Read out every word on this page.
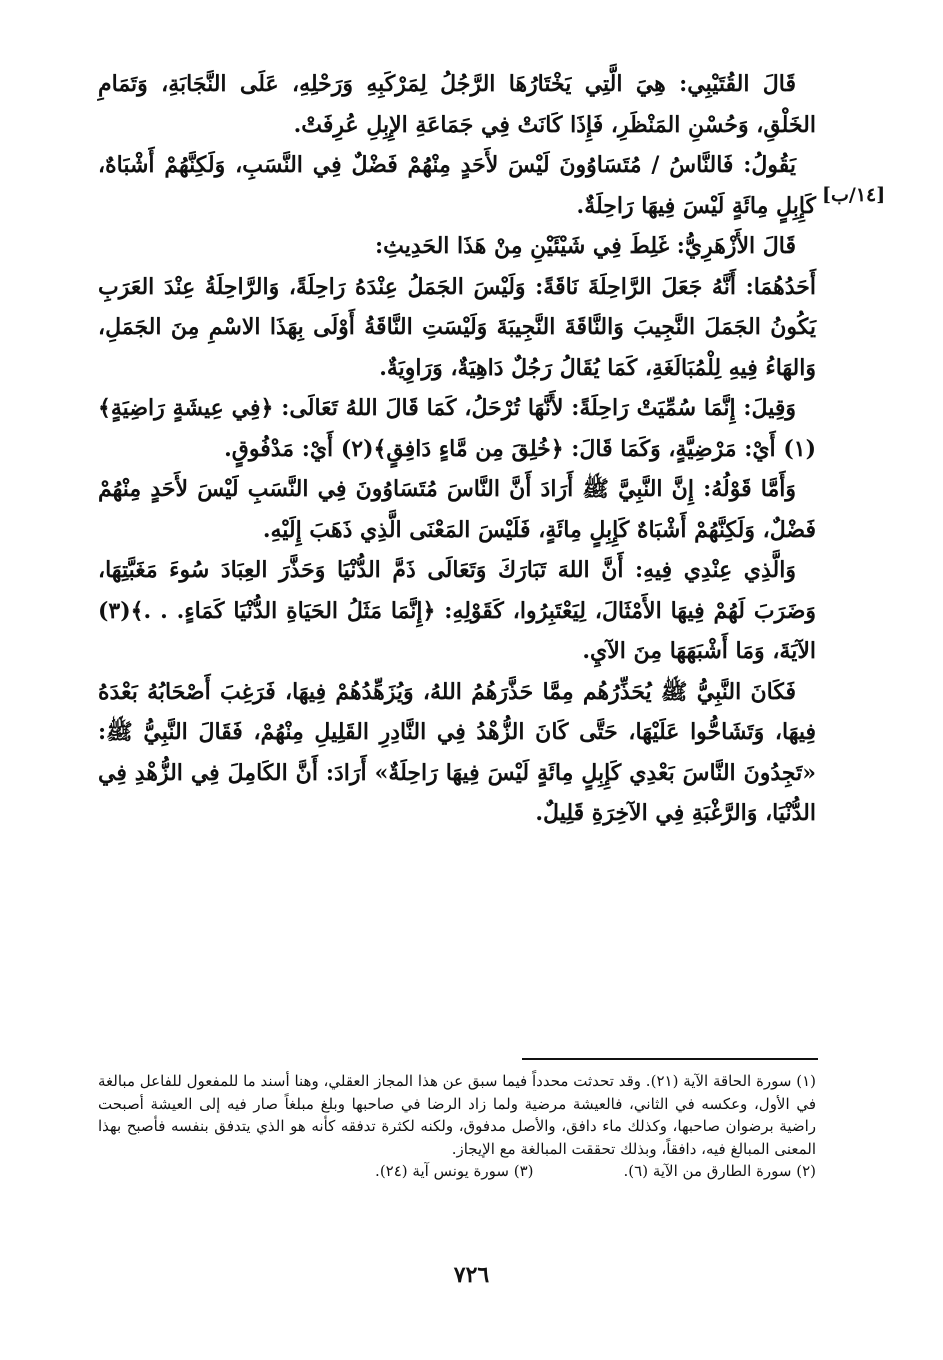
[١٤/ب]

قَالَ القُتَيْبِي: هِيَ الَّتِي يَخْتَارُهَا الرَّجُلُ لِمَرْكَبِهِ وَرَحْلِهِ، عَلَى النَّجَابَةِ، وَتَمَامِ الخَلْقِ، وَحُسْنِ المَنْظَرِ، فَإِذَا كَانَتْ فِي جَمَاعَةِ الإِبِلِ عُرِفَتْ.

يَقُولُ: فَالنَّاسُ / مُتَسَاوُونَ لَيْسَ لأَحَدٍ مِنْهُمْ فَضْلٌ فِي النَّسَبِ، وَلَكِنَّهُمْ أَشْبَاهٌ، كَإِبِلٍ مِائَةٍ لَيْسَ فِيهَا رَاحِلَةٌ.

قَالَ الأَزْهَرِيُّ: غَلِطَ فِي شَيْئَيْنِ مِنْ هَذَا الحَدِيثِ:

أَحَدُهُمَا: أَنَّهُ جَعَلَ الرَّاحِلَةَ نَاقَةً: وَلَيْسَ الجَمَلُ عِنْدَهُ رَاحِلَةً، وَالرَّاحِلَةُ عِنْدَ العَرَبِ يَكُونُ الجَمَلَ النَّجِيبَ وَالنَّاقَةَ النَّجِيبَةَ وَلَيْسَتِ النَّاقَةُ أَوْلَى بِهَذَا الاسْمِ مِنَ الجَمَلِ، وَالهَاءُ فِيهِ لِلْمُبَالَغَةِ، كَمَا يُقَالُ رَجُلٌ دَاهِيَةٌ، وَرَاوِيَةٌ.

وَقِيلَ: إِنَّمَا سُمِّيَتْ رَاحِلَةً: لأَنَّهَا تُرْحَلُ، كَمَا قَالَ اللهُ تَعَالَى: ﴿فِي عِيشَةٍ رَاضِيَةٍ﴾(١) أَيْ: مَرْضِيَّةٍ، وَكَمَا قَالَ: ﴿خُلِقَ مِن مَّاءٍ دَافِقٍ﴾(٢) أَيْ: مَدْفُوقٍ.

وَأَمَّا قَوْلُهُ: إِنَّ النَّبِيَّ ﷺ أَرَادَ أَنَّ النَّاسَ مُتَسَاوُونَ فِي النَّسَبِ لَيْسَ لأَحَدٍ مِنْهُمْ فَضْلٌ، وَلَكِنَّهُمْ أَشْبَاهٌ كَإِبِلٍ مِائَةٍ، فَلَيْسَ المَعْنَى الَّذِي ذَهَبَ إِلَيْهِ.

وَالَّذِي عِنْدِي فِيهِ: أَنَّ اللهَ تَبَارَكَ وَتَعَالَى ذَمَّ الدُّنْيَا وَحَذَّرَ العِبَادَ سُوءَ مَغَبَّتِهَا، وَضَرَبَ لَهُمْ فِيهَا الأَمْثَالَ، لِيَعْتَبِرُوا، كَقَوْلِهِ: ﴿إِنَّمَا مَثَلُ الحَيَاةِ الدُّنْيَا كَمَاءٍ. . .﴾(٣) الآيَةَ، وَمَا أَشْبَهَهَا مِنَ الآيِ.

فَكَانَ النَّبِيُّ ﷺ يُحَذِّرُهُم مِمَّا حَذَّرَهُمُ اللهُ، وَيُزَهِّدُهُمْ فِيهَا، فَرَغِبَ أَصْحَابُهُ بَعْدَهُ فِيهَا، وَتَشَاحُّوا عَلَيْهَا، حَتَّى كَانَ الزُّهْدُ فِي النَّادِرِ القَلِيلِ مِنْهُمْ، فَقَالَ النَّبِيُّ ﷺ: «تَجِدُونَ النَّاسَ بَعْدِي كَإِبِلٍ مِائَةٍ لَيْسَ فِيهَا رَاحِلَةٌ» أَرَادَ: أَنَّ الكَامِلَ فِي الزُّهْدِ فِي الدُّنْيَا، وَالرَّغْبَةِ فِي الآخِرَةِ قَلِيلٌ.

(١) سورة الحاقة الآية (٢١). وقد تحدثت محدداً فيما سبق عن هذا المجاز العقلي، وهنا أسند ما للمفعول للفاعل مبالغة في الأول، وعكسه في الثاني، فالعيشة مرضية ولما زاد الرضا في صاحبها وبلغ مبلغاً صار فيه إلى العيشة أصبحت راضية برضوان صاحبها، وكذلك ماء دافق، والأصل مدفوق، ولكنه لكثرة تدفقه كأنه هو الذي يتدفق بنفسه فأصبح بهذا المعنى المبالغ فيه، دافقاً، وبذلك تحققت المبالغة مع الإيجاز.

(٢) سورة الطارق من الآية (٦).
(٣) سورة يونس آية (٢٤).
٧٢٦
